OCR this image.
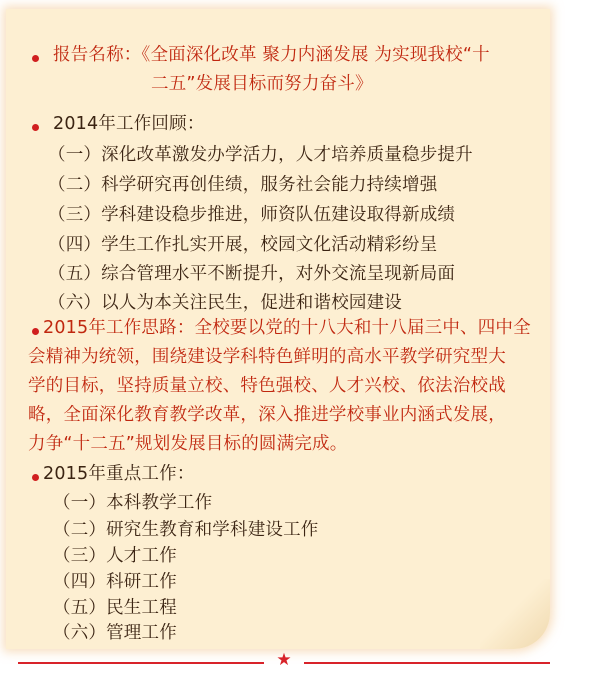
报告名称：《全面深化改革 聚力内涵发展 为实现我校“十
二五”发展目标而努力奋斗》
2014年工作回顾：
（一）深化改革激发办学活力，人才培养质量稳步提升
（二）科学研究再创佳绩，服务社会能力持续增强
（三）学科建设稳步推进，师资队伍建设取得新成绩
（四）学生工作扎实开展，校园文化活动精彩纷呈
（五）综合管理水平不断提升，对外交流呈现新局面
（六）以人为本关注民生，促进和谐校园建设
2015年工作思路：全校要以党的十八大和十八届三中、四中全
会精神为统领，围绕建设学科特色鲜明的高水平教学研究型大
学的目标，坚持质量立校、特色强校、人才兴校、依法治校战
略，全面深化教育教学改革，深入推进学校事业内涵式发展，
力争“十二五”规划发展目标的圆满完成。
2015年重点工作：
（一）本科教学工作
（二）研究生教育和学科建设工作
（三）人才工作
（四）科研工作
（五）民生工程
（六）管理工作
★
